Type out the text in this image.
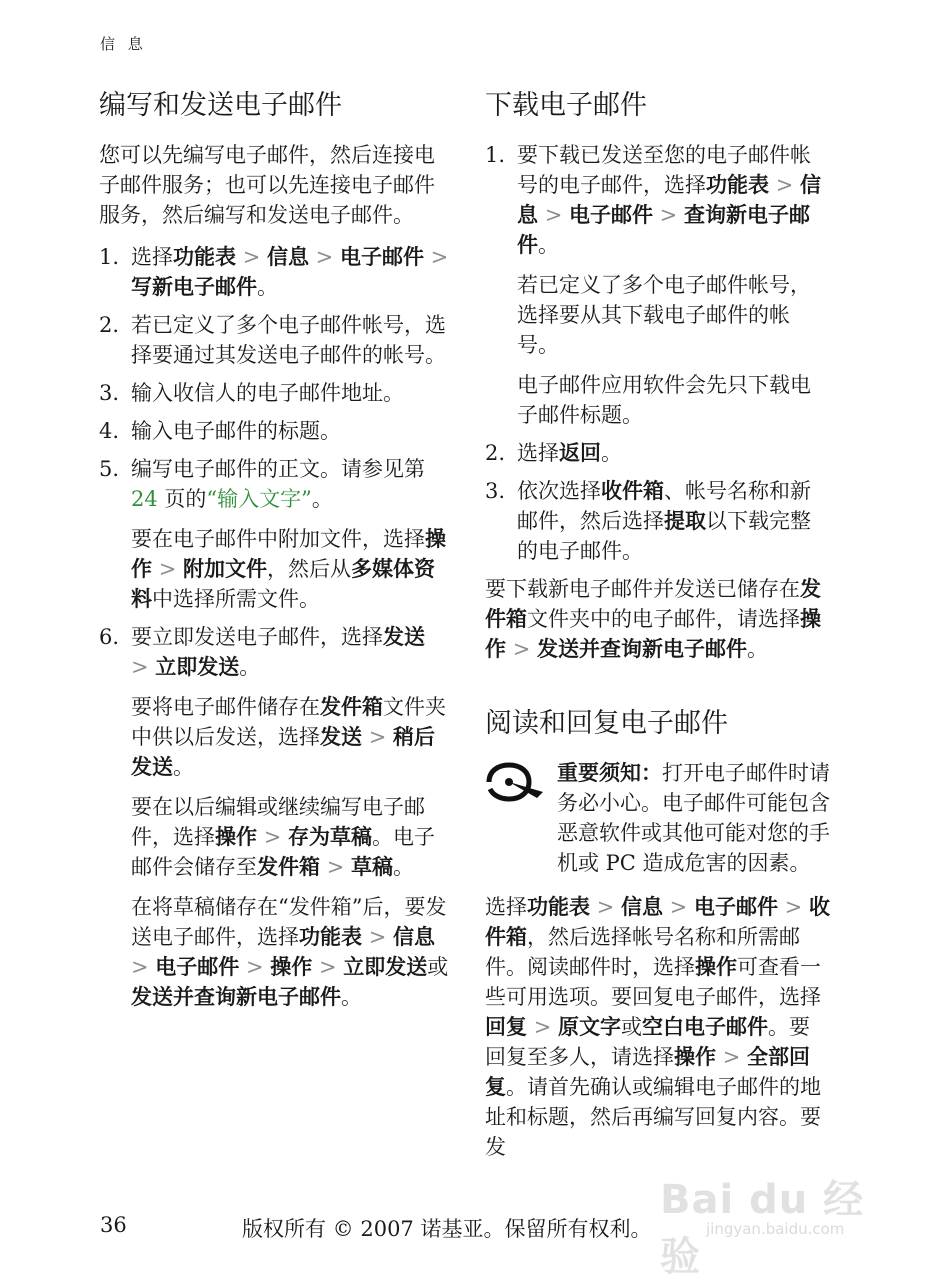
信 息
编写和发送电子邮件

您可以先编写电子邮件，然后连接电子邮件服务；也可以先连接电子邮件服务，然后编写和发送电子邮件。

1. 选择功能表 > 信息 > 电子邮件 > 写新电子邮件。

2. 若已定义了多个电子邮件帐号，选择要通过其发送电子邮件的帐号。

3. 输入收信人的电子邮件地址。

4. 输入电子邮件的标题。

5. 编写电子邮件的正文。请参见第 24 页的“输入文字”。

要在电子邮件中附加文件，选择操作 > 附加文件，然后从多媒体资料中选择所需文件。

6. 要立即发送电子邮件，选择发送 > 立即发送。

要将电子邮件储存在发件箱文件夹中供以后发送，选择发送 > 稍后发送。

要在以后编辑或继续编写电子邮件，选择操作 > 存为草稿。电子邮件会储存至发件箱 > 草稿。

在将草稿储存在“发件箱”后，要发送电子邮件，选择功能表 > 信息 > 电子邮件 > 操作 > 立即发送或发送并查询新电子邮件。

下载电子邮件
1. 要下载已发送至您的电子邮件帐号的电子邮件，选择功能表 > 信息 > 电子邮件 > 查询新电子邮件。

若已定义了多个电子邮件帐号，选择要从其下载电子邮件的帐号。

电子邮件应用软件会先只下载电子邮件标题。

2. 选择返回。

3. 依次选择收件箱、帐号名称和新邮件，然后选择提取以下载完整的电子邮件。

要下载新电子邮件并发送已储存在发件箱文件夹中的电子邮件，请选择操作 > 发送并查询新电子邮件。

阅读和回复电子邮件

重要须知：打开电子邮件时请务必小心。电子邮件可能包含恶意软件或其他可能对您的手机或 PC 造成危害的因素。

选择功能表 > 信息 > 电子邮件 > 收件箱，然后选择帐号名称和所需邮件。阅读邮件时，选择操作可查看一些可用选项。要回复电子邮件，选择回复 > 原文字或空白电子邮件。要回复至多人，请选择操作 > 全部回复。请首先确认或编辑电子邮件的地址和标题，然后再编写回复内容。要发

36	版权所有 © 2007 诺基亚。保留所有权利。
Bai du 经验
jingyan.baidu.com
